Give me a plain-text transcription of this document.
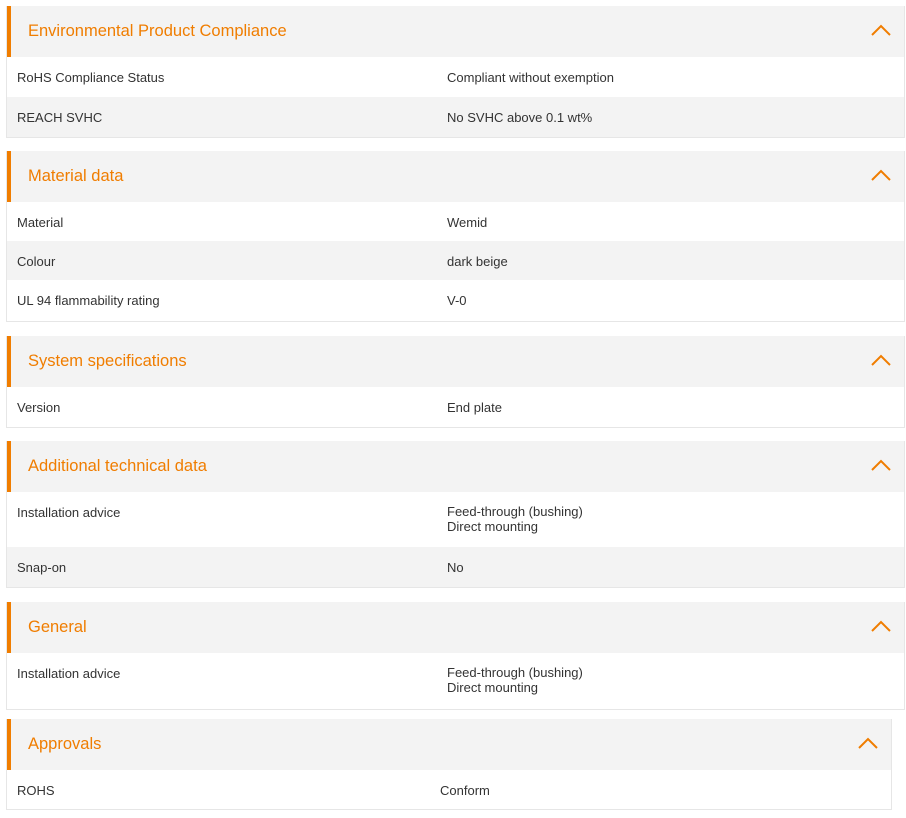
Environmental Product Compliance
RoHS Compliance Status	Compliant without exemption
REACH SVHC	No SVHC above 0.1 wt%
Material data
Material	Wemid
Colour	dark beige
UL 94 flammability rating	V-0
System specifications
Version	End plate
Additional technical data
Installation advice	Feed-through (bushing)
Direct mounting
Snap-on	No
General
Installation advice	Feed-through (bushing)
Direct mounting
Approvals
ROHS	Conform
